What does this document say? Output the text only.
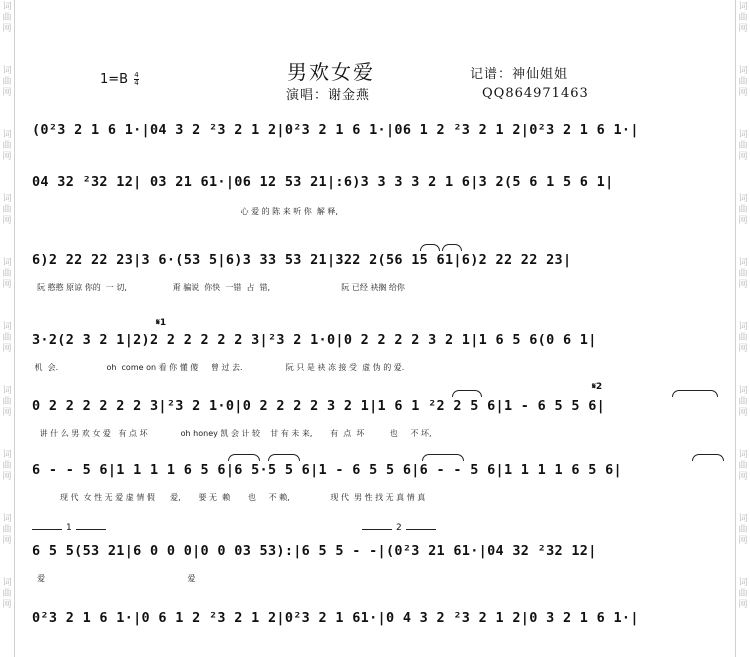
词
曲
网
$1=B \frac{4}{4}$	男欢女爱
演唱：谢金燕
记谱：神仙姐姐
QQ864971463
(0²3 2 1 6 1·|04 3 2 ²3 2 1 2|0²3 2 1 6 1·|06 1 2 ²3 2 1 2|0²3 2 1 6 1·|
04 32 ²32 12| 03 21 61·|06 12 53 21|:6)3 3 3 3 2 1 6|3 2(5 6 1 5 6 1|
心 爱 的 陈 来 听 你  解 释,
6)2 22 22 23|3 6·(53 5|6)3 33 53 21|322 2(56 15 61|6)2 22 22 23|
阮 憨憨 原谅 你的  一 切,                  甭 骗说  你快  一错  占  错,                            阮 已经 袂搁 给你
𝄋1
3·2(2 3 2 1|2)2 2 2 2 2 2 3|²3 2 1·0|0 2 2 2 2 3 2 1|1 6 5 6(0 6 1|
机  会.                   oh  come on 看 你 懂 傻     曾 过 去.                 阮 只 是 袂 冻 接 受  虚 伪 的 爱.
𝄋2
0 2 2 2 2 2 2 3|²3 2 1·0|0 2 2 2 2 3 2 1|1 6 1 ²2 2 5 6|1 - 6 5 5 6|
讲 什 么 男 欢 女 爱   有 点 坏             oh honey 凯 会 计 较    甘 有 未 来,       有  点  坏          也     不 坏,
6 - - 5 6|1 1 1 1 6 5 6|6 5·5 5 6|1 - 6 5 5 6|6 - - 5 6|1 1 1 1 6 5 6|
现 代  女 性 无 爱 虚 情 假      爱,       要 无  赖       也     不 赖,                现 代  男 性 找 无 真 情 真
1	2
6 5 5(53 21|6 0 0 0|0 0 03 53):|6 5 5 - -|(0²3 21 61·|04 32 ²32 12|
爱                                                        爱
0²3 2 1 6 1·|0 6 1 2 ²3 2 1 2|0²3 2 1 61·|0 4 3 2 ²3 2 1 2|0 3 2 1 6 1·|
词
曲
网
词
曲
网
词
曲
网
词
曲
网
词
曲
网
词
曲
网
词
曲
网
词
曲
网
词
曲
网
词
曲
网
词
曲
网
词
曲
网
词
曲
网
词
曲
网
词
曲
网
词
曲
网
词
曲
网
词
曲
网
词
曲
网
